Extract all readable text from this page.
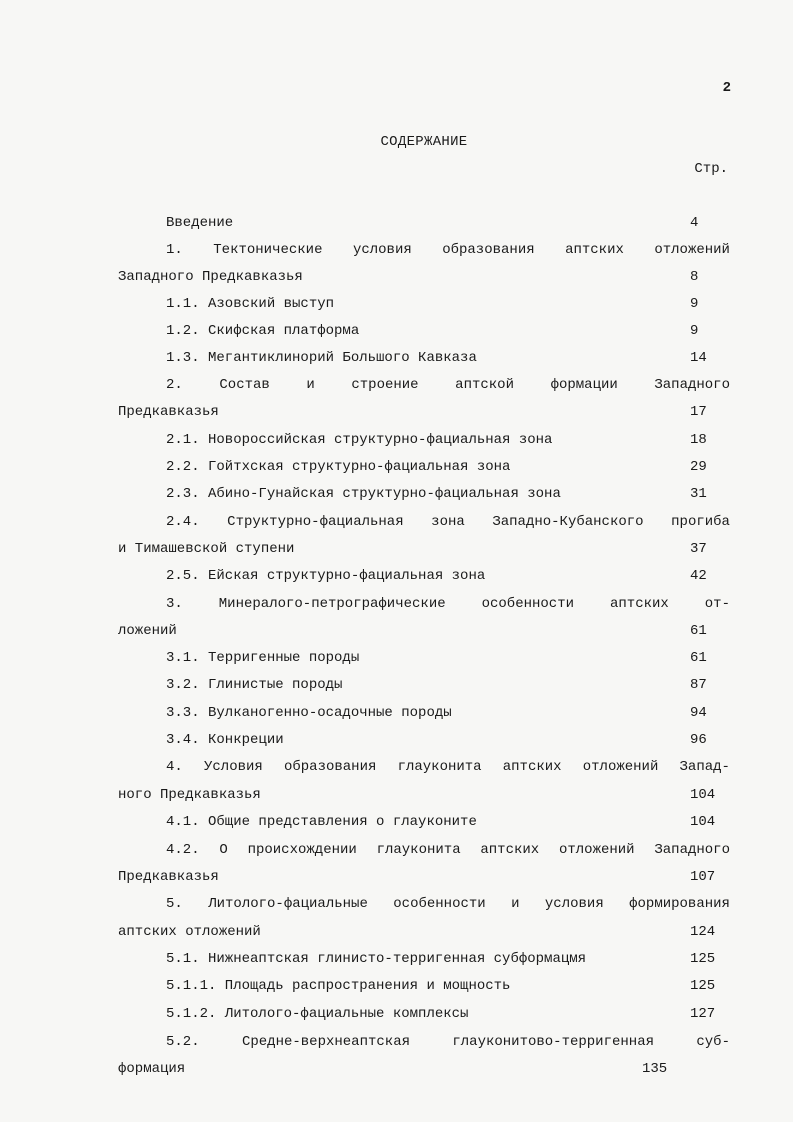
2
СОДЕРЖАНИЕ
Стр.
Введение	4
1. Тектонические условия образования аптских отложений
Западного Предкавказья	8
1.1. Азовский выступ	9
1.2. Скифская платформа	9
1.3. Мегантиклинорий Большого Кавказа	14
2.	Состав	и	строение	аптской	формации	Западного
Предкавказья	17
2.1. Новороссийская структурно-фациальная зона	18
2.2. Гойтхская структурно-фациальная зона	29
2.3. Абино-Гунайская структурно-фациальная зона	31
2.4. Структурно-фациальная зона Западно-Кубанского прогиба
и Тимашевской ступени	37
2.5. Ейская структурно-фациальная зона	42
3.	Минералого-петрографические	особенности	аптских	от-
ложений	61
3.1. Терригенные породы	61
3.2. Глинистые породы	87
3.3. Вулканогенно-осадочные породы	94
3.4. Конкреции	96
4. Условия образования глауконита аптских отложений Запад-
ного Предкавказья	104
4.1. Общие представления о глауконите	104
4.2. О происхождении глауконита аптских отложений Западного
Предкавказья	107
5. Литолого-фациальные особенности и условия формирования
аптских отложений	124
5.1. Нижнеаптская глинисто-терригенная субформацмя	125
5.1.1. Площадь распространения и мощность	125
5.1.2. Литолого-фациальные комплексы	127
5.2.	Средне-верхнеаптская	глауконитово-терригенная	суб-
формация	135
